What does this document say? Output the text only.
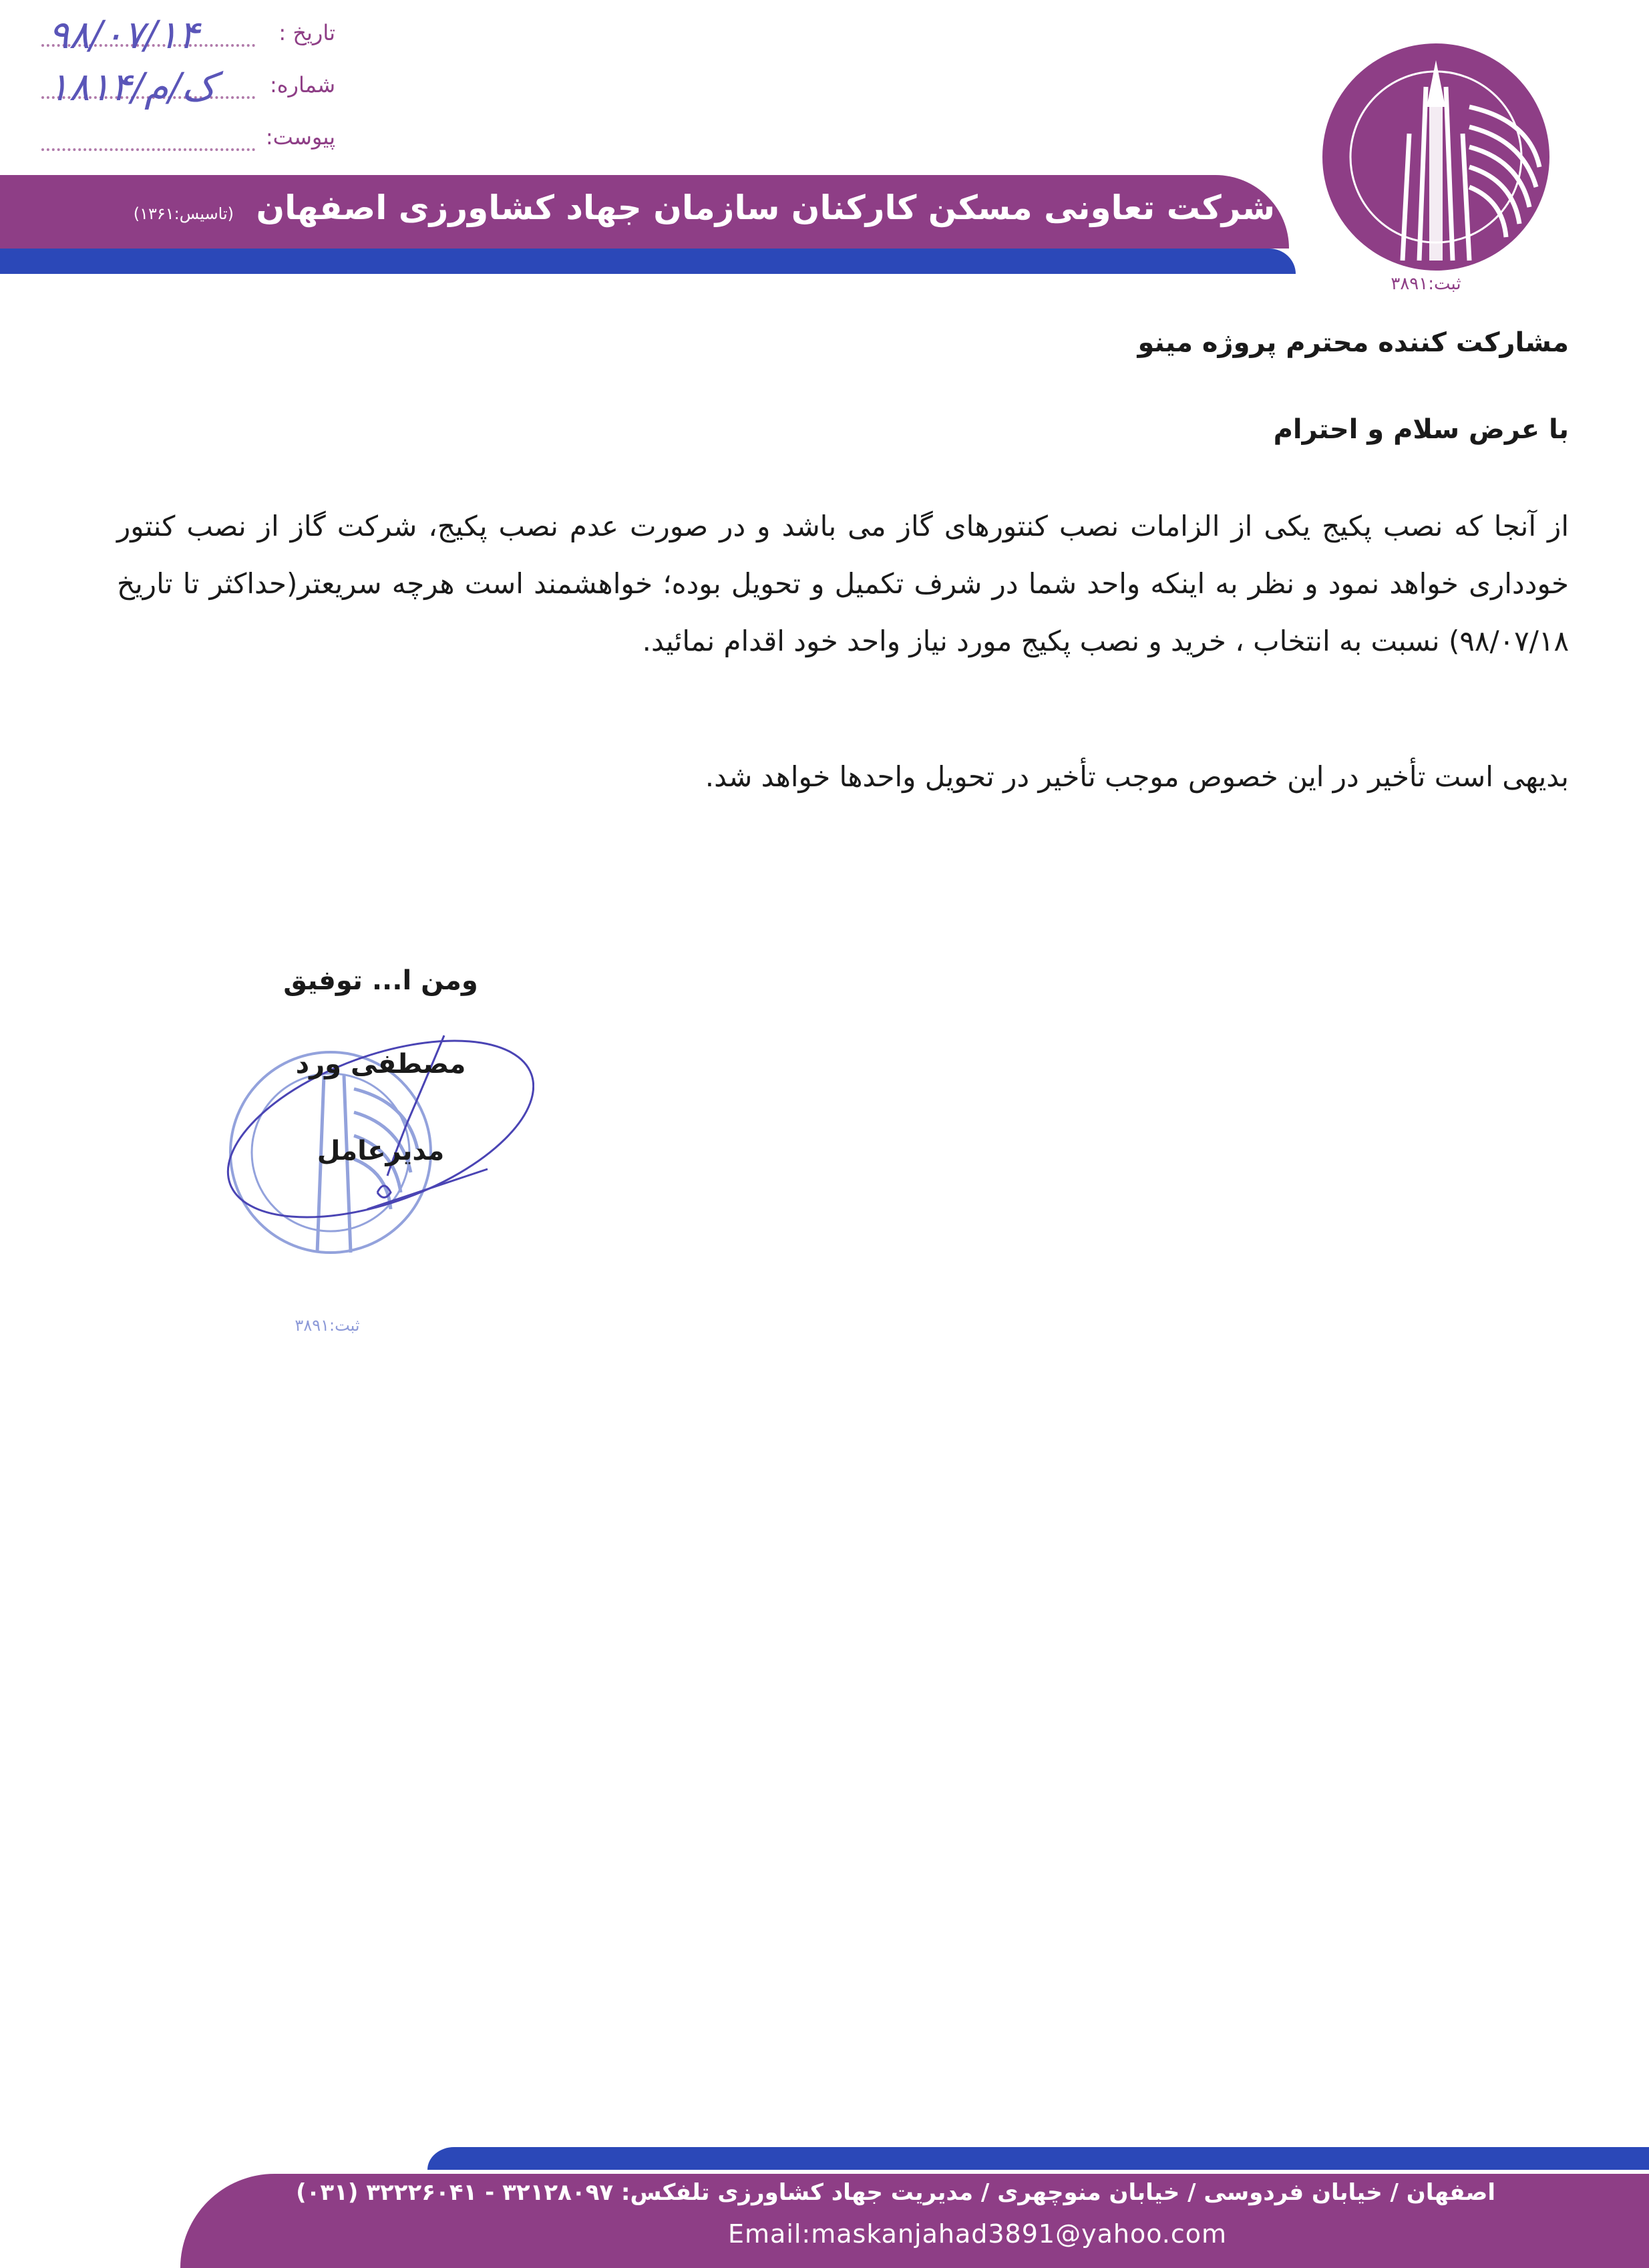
تاریخ :
۹۸/۰۷/۱۴
شماره:
۱۸۱۴/ک/م
پیوست:
شرکت تعاونی مسکن کارکنان سازمان جهاد کشاورزی اصفهان (تاسیس:۱۳۶۱)
ثبت:۳۸۹۱
مشارکت کننده محترم پروژه مینو
با عرض سلام و احترام
از آنجا که نصب پکیج یکی از الزامات نصب کنتورهای گاز می باشد و در صورت عدم نصب پکیج، شرکت گاز از نصب کنتور خودداری خواهد نمود و نظر به اینکه واحد شما در شرف تکمیل و تحویل بوده؛ خواهشمند است هرچه سریعتر(حداکثر تا تاریخ ۹۸/۰۷/۱۸) نسبت به انتخاب ، خرید و نصب پکیج مورد نیاز واحد خود اقدام نمائید.
بدیهی است تأخیر در این خصوص موجب تأخیر در تحویل واحدها خواهد شد.
ثبت:۳۸۹۱
ومن ا... توفیق
مصطفی ورد
مدیرعامل
اصفهان / خیابان فردوسی / خیابان منوچهری / مدیریت جهاد کشاورزی تلفکس: ۳۲۱۲۸۰۹۷ - ۳۲۲۲۶۰۴۱ (۰۳۱)
Email:maskanjahad3891@yahoo.com
